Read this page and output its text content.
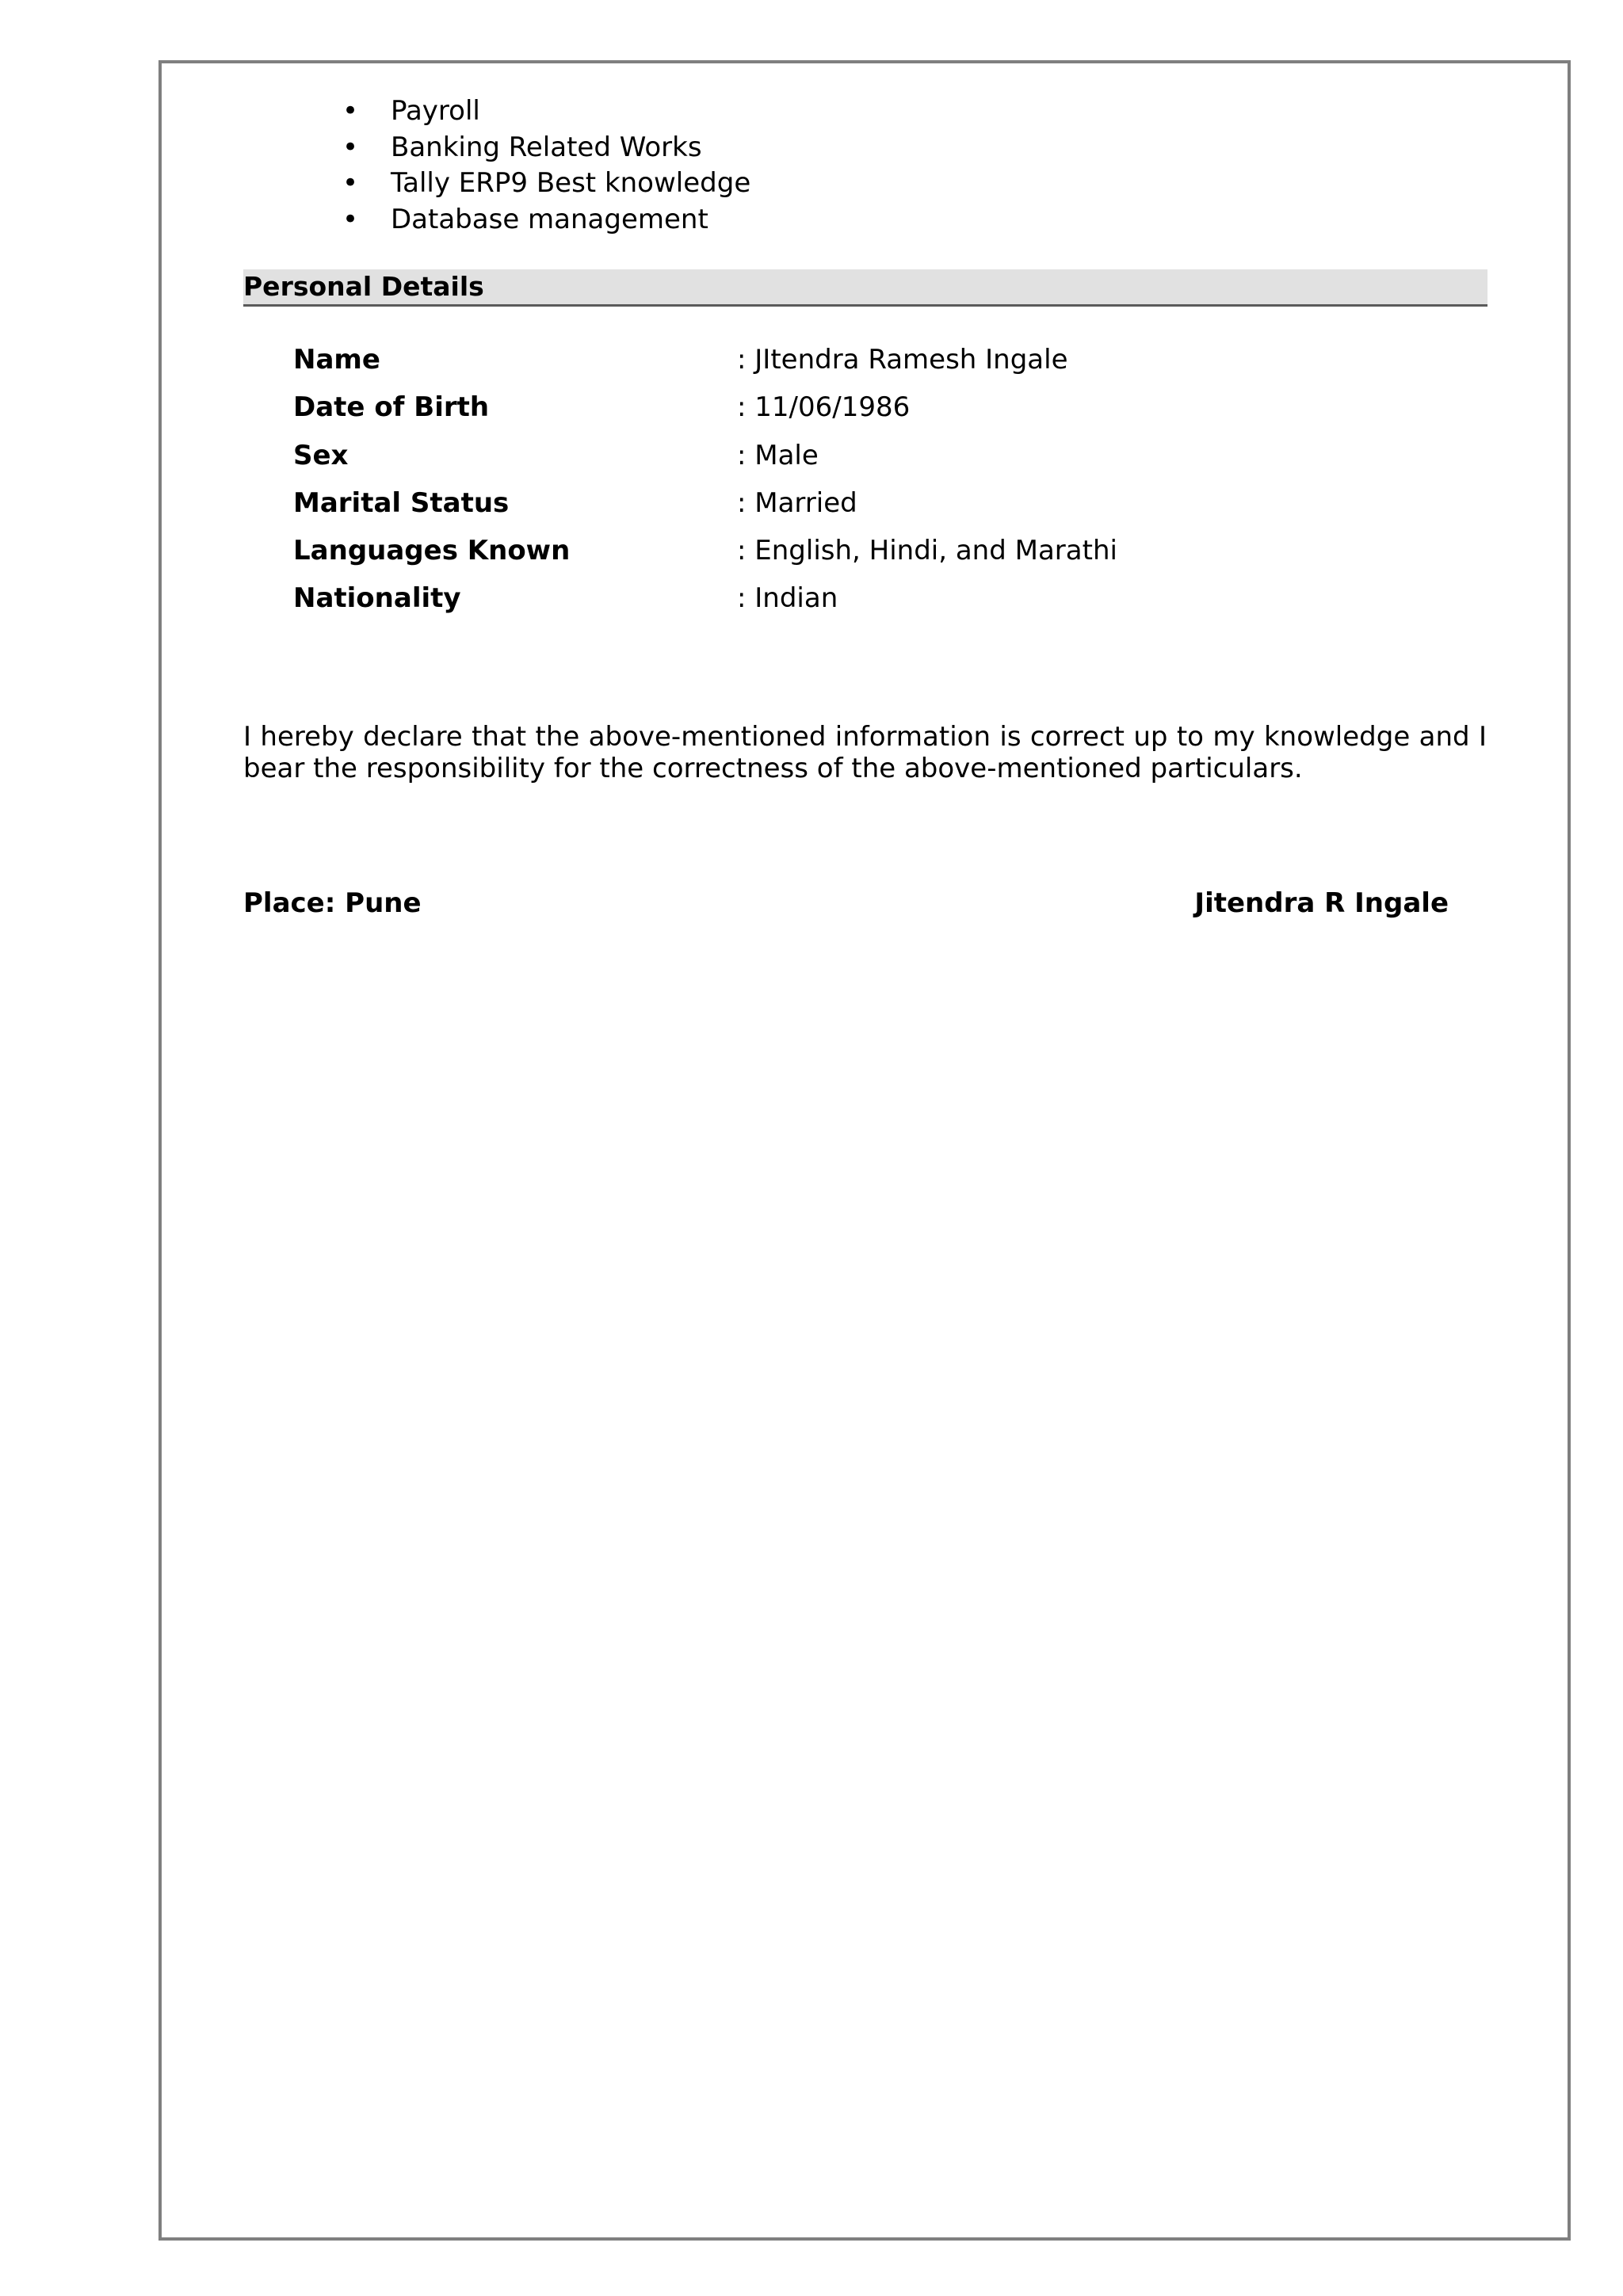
• Payroll
• Banking Related Works
• Tally ERP9 Best knowledge
• Database management
Personal Details
Name	: JItendra Ramesh Ingale
Date of Birth	: 11/06/1986
Sex	: Male
Marital Status	: Married
Languages Known	: English, Hindi, and Marathi
Nationality	: Indian

I hereby declare that the above-mentioned information is correct up to my knowledge and I bear the responsibility for the correctness of the above-mentioned particulars.

Place: Pune	Jitendra R Ingale
